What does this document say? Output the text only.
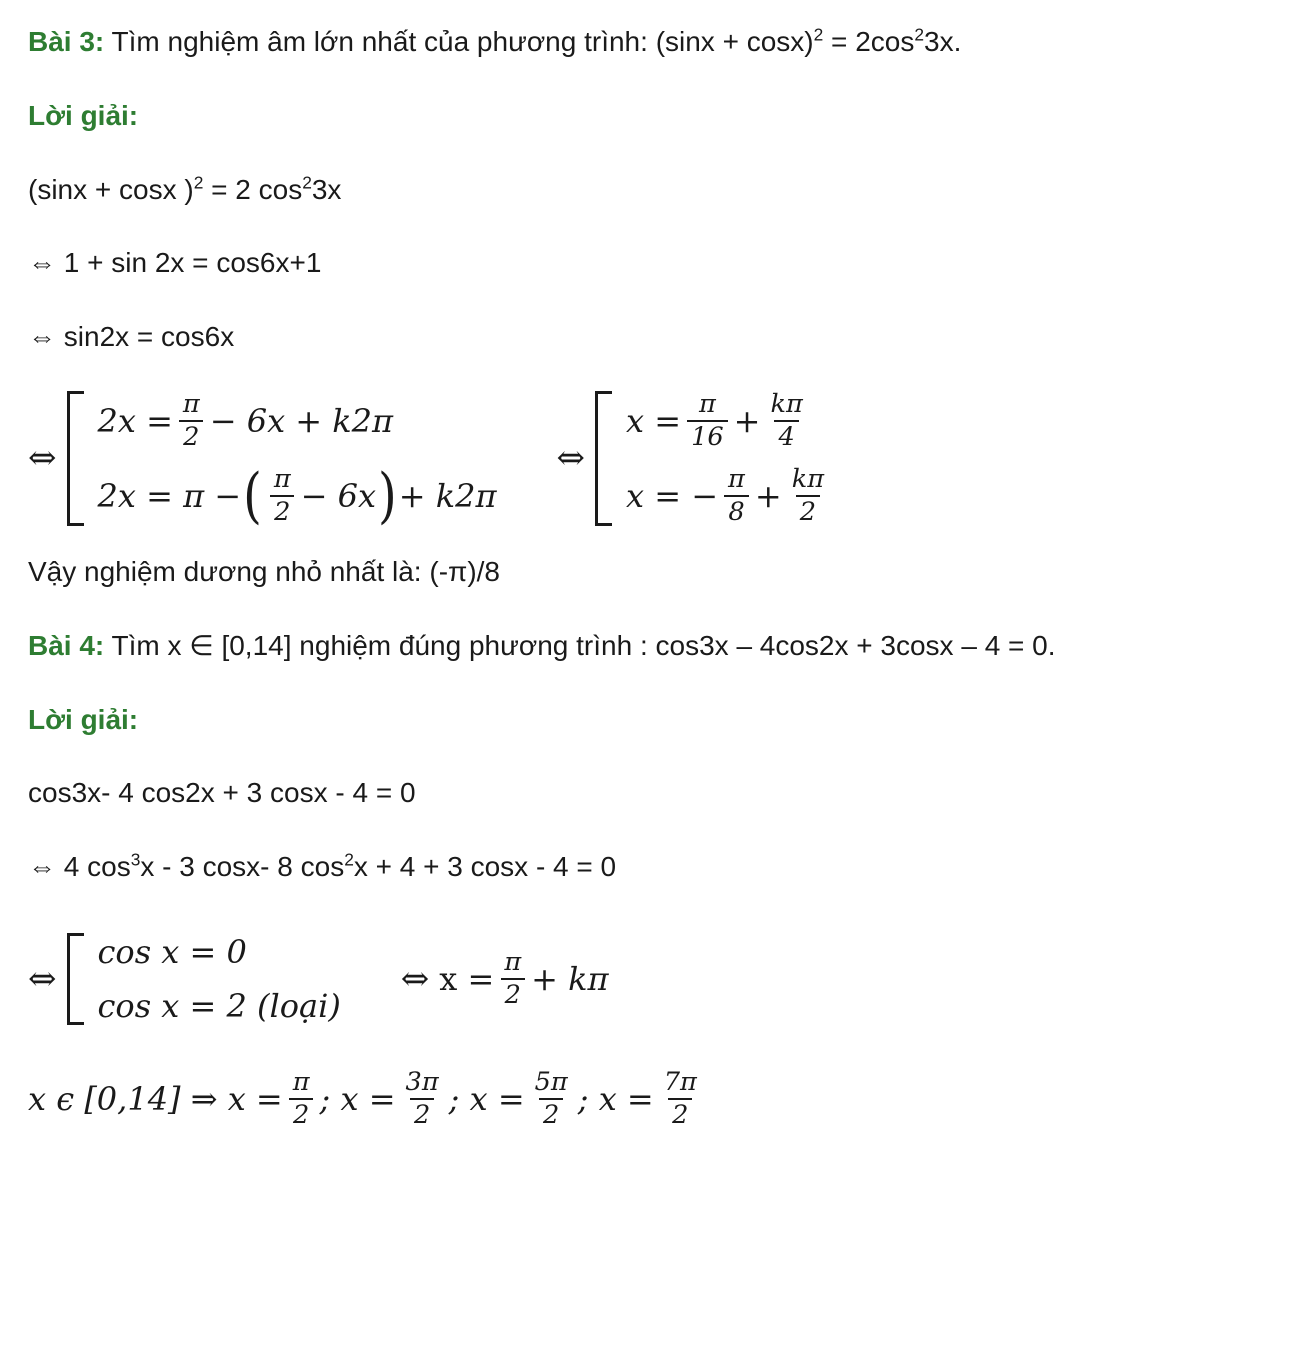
Bài 3: Tìm nghiệm âm lớn nhất của phương trình: $(\sin x + \cos x)^2 = 2\cos^23x$.

Lời giải:

(sinx + cosx )$^2$ = 2 $\cos^23x$

⇔ 1 + sin 2x = cos6x+1

⇔ sin2x = cos6x

⇔
$2x = \frac{\pi}{2} - 6x + k2\pi$
2x = π − ( $\frac{\pi}{2} - 6x$ ) + k2π
⇔
$x = \frac{\pi}{16} + \frac{k\pi}{4}$
x = − $\frac{\pi}{8} + \frac{k\pi}{2}$

Vậy nghiệm dương nhỏ nhất là: (-π)/8

Bài 4: Tìm x ∈ [0,14] nghiệm đúng phương trình : cos3x – 4cos2x + 3cosx – 4 = 0.

Lời giải:

cos3x- 4 cos2x + 3 cosx - 4 = 0

⇔ 4 $\cos^3x - 3$ cosx- 8 $\cos^2x + 4 + 3$ cosx - 4 = 0

⇔
cos x = 0
cos x = 2 (loại)
⇔ $x = \frac{\pi}{2} + k\pi$
x ϵ [0,14] ⇒ $x = \frac{\pi}{2}$ ; $x = \frac{3\pi}{2}$ ; $x = \frac{5\pi}{2}$ ; $x = \frac{7\pi}{2}$
